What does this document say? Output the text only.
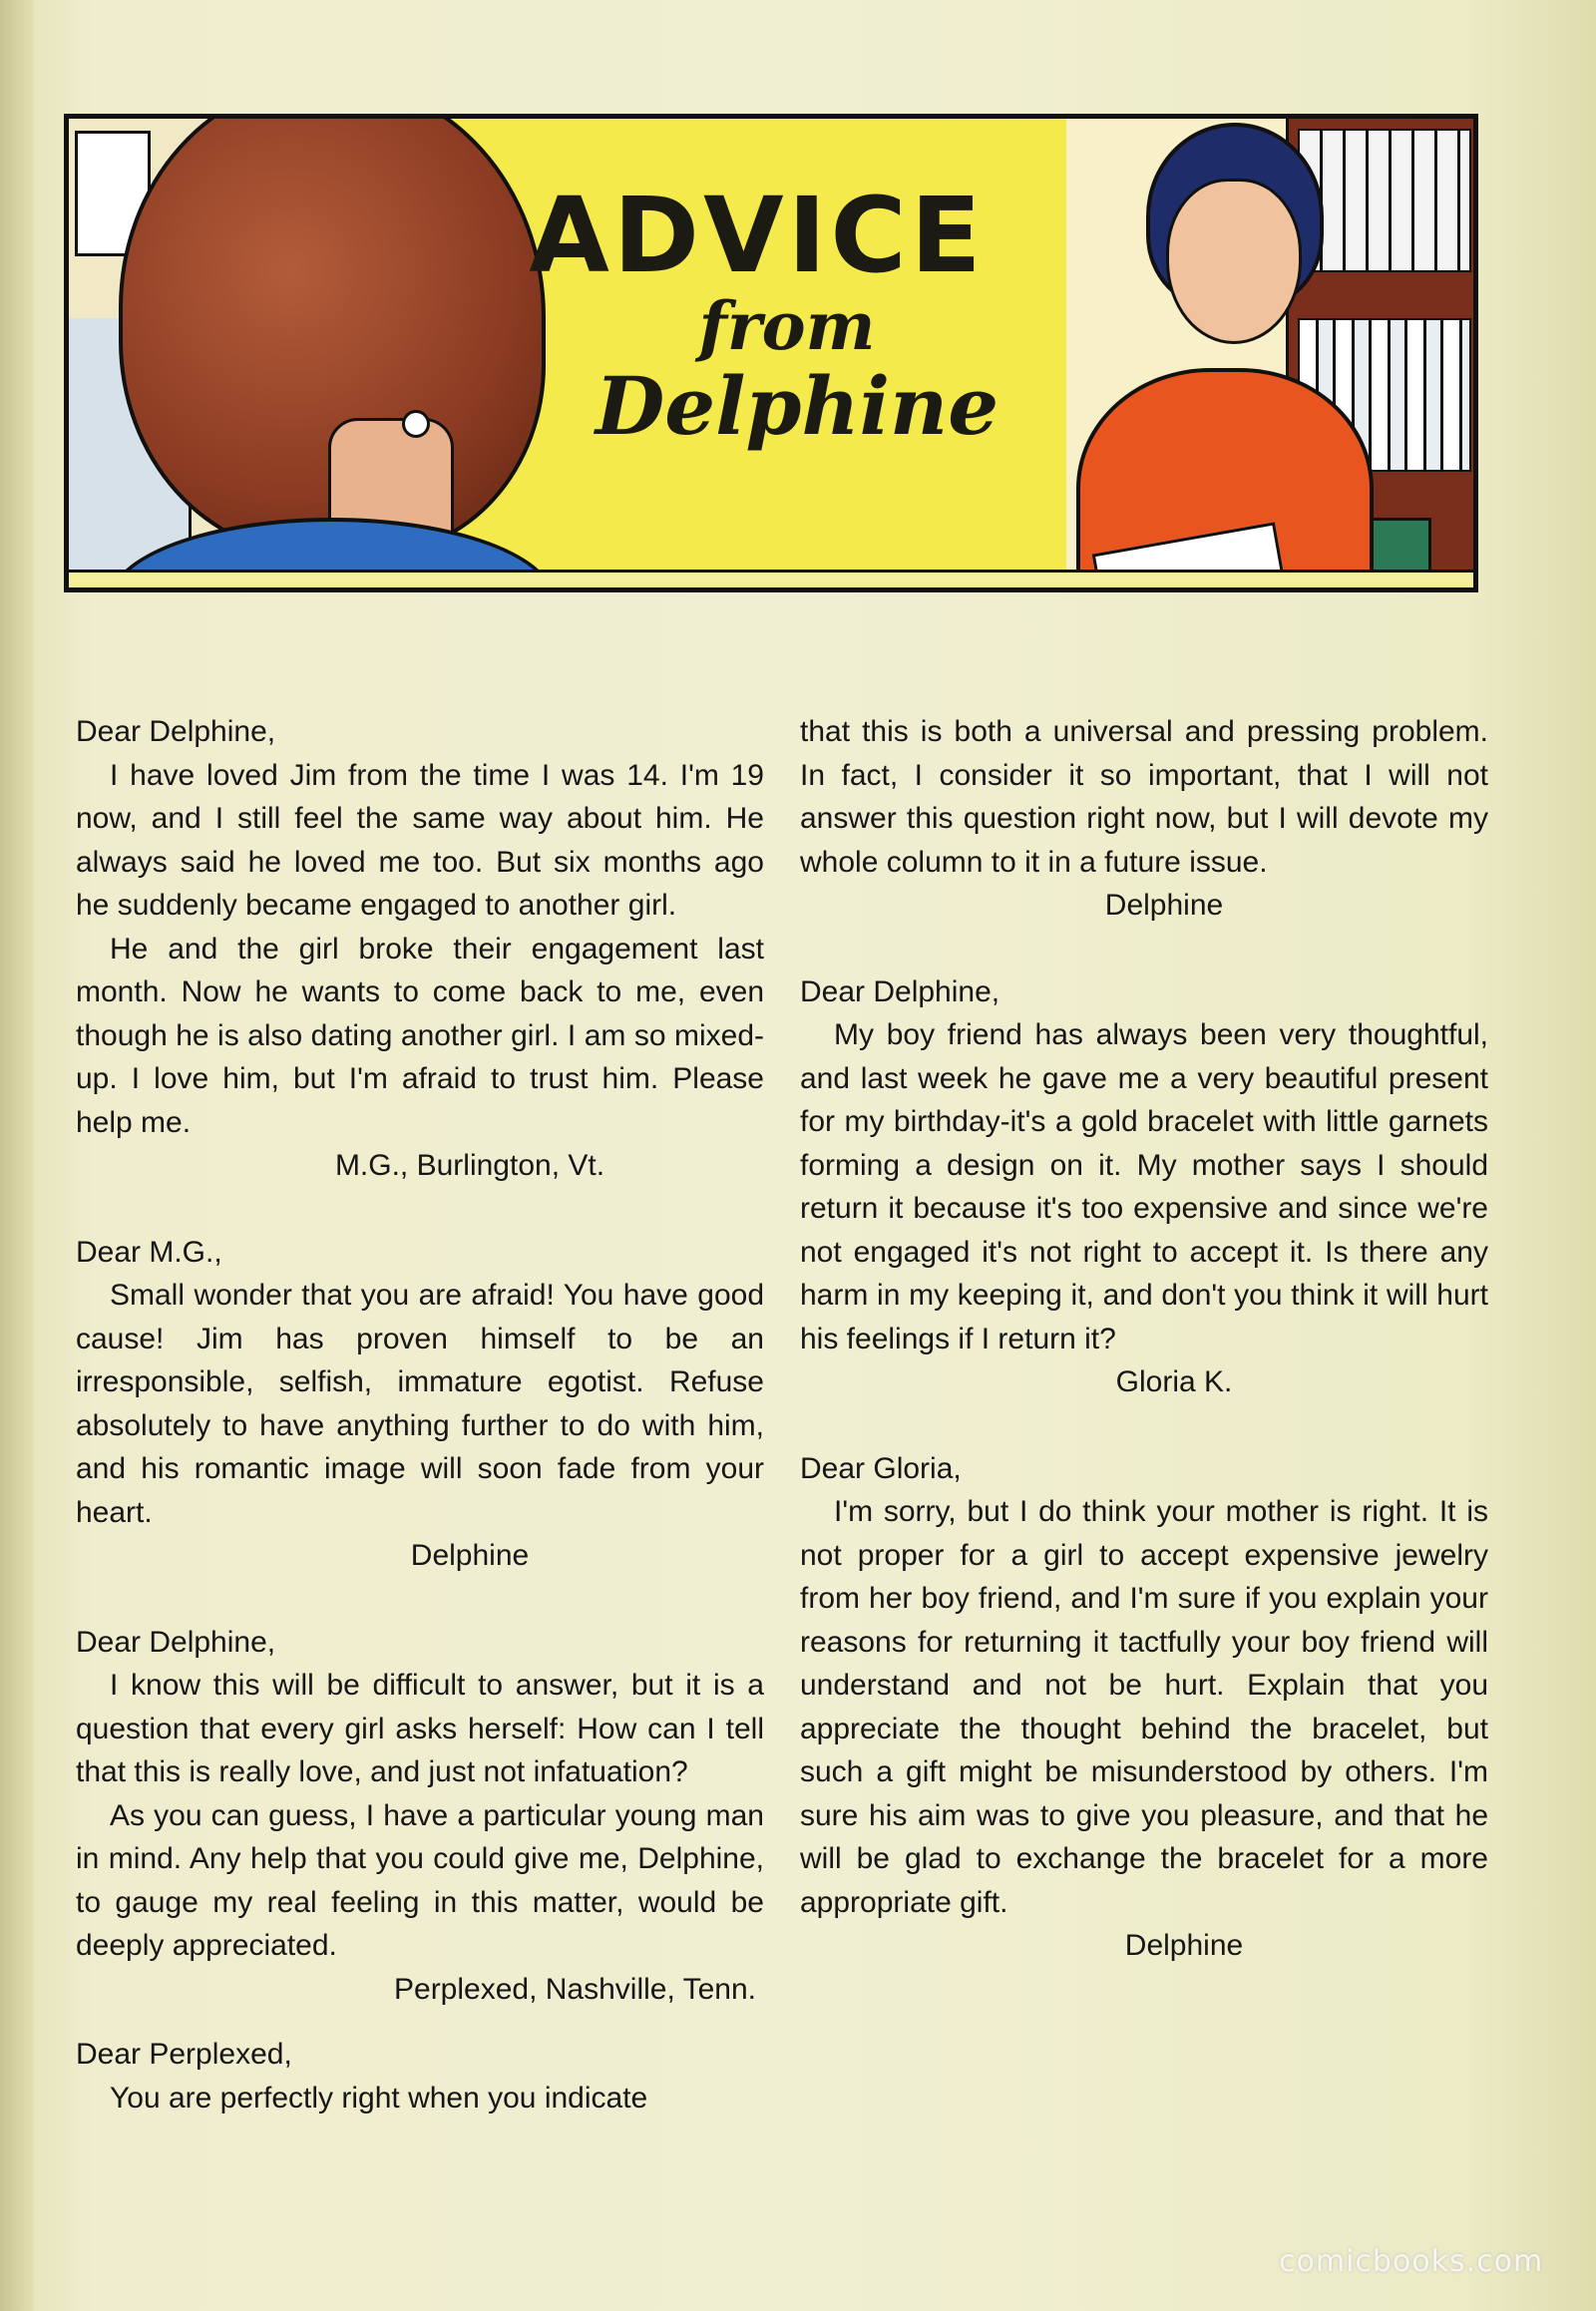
ADVICE
from
Delphine

Dear Delphine,

I have loved Jim from the time I was 14. I'm 19 now, and I still feel the same way about him. He always said he loved me too. But six months ago he suddenly became engaged to another girl.

He and the girl broke their engagement last month. Now he wants to come back to me, even though he is also dating another girl. I am so mixed-up. I love him, but I'm afraid to trust him. Please help me.

M.G., Burlington, Vt.

Dear M.G.,

Small wonder that you are afraid! You have good cause! Jim has proven himself to be an irresponsible, selfish, immature egotist. Refuse absolutely to have anything further to do with him, and his romantic image will soon fade from your heart.

Delphine

Dear Delphine,

I know this will be difficult to answer, but it is a question that every girl asks herself: How can I tell that this is really love, and just not infatuation?

As you can guess, I have a particular young man in mind. Any help that you could give me, Delphine, to gauge my real feeling in this matter, would be deeply appreciated.

Perplexed, Nashville, Tenn.

Dear Perplexed,

You are perfectly right when you indicate

that this is both a universal and pressing problem. In fact, I consider it so important, that I will not answer this question right now, but I will devote my whole column to it in a future issue.

Delphine

Dear Delphine,

My boy friend has always been very thoughtful, and last week he gave me a very beautiful present for my birthday-it's a gold bracelet with little garnets forming a design on it. My mother says I should return it because it's too expensive and since we're not engaged it's not right to accept it. Is there any harm in my keeping it, and don't you think it will hurt his feelings if I return it?

Gloria K.

Dear Gloria,

I'm sorry, but I do think your mother is right. It is not proper for a girl to accept expensive jewelry from her boy friend, and I'm sure if you explain your reasons for returning it tactfully your boy friend will understand and not be hurt. Explain that you appreciate the thought behind the bracelet, but such a gift might be misunderstood by others. I'm sure his aim was to give you pleasure, and that he will be glad to exchange the bracelet for a more appropriate gift.

Delphine

comicbooks.com
